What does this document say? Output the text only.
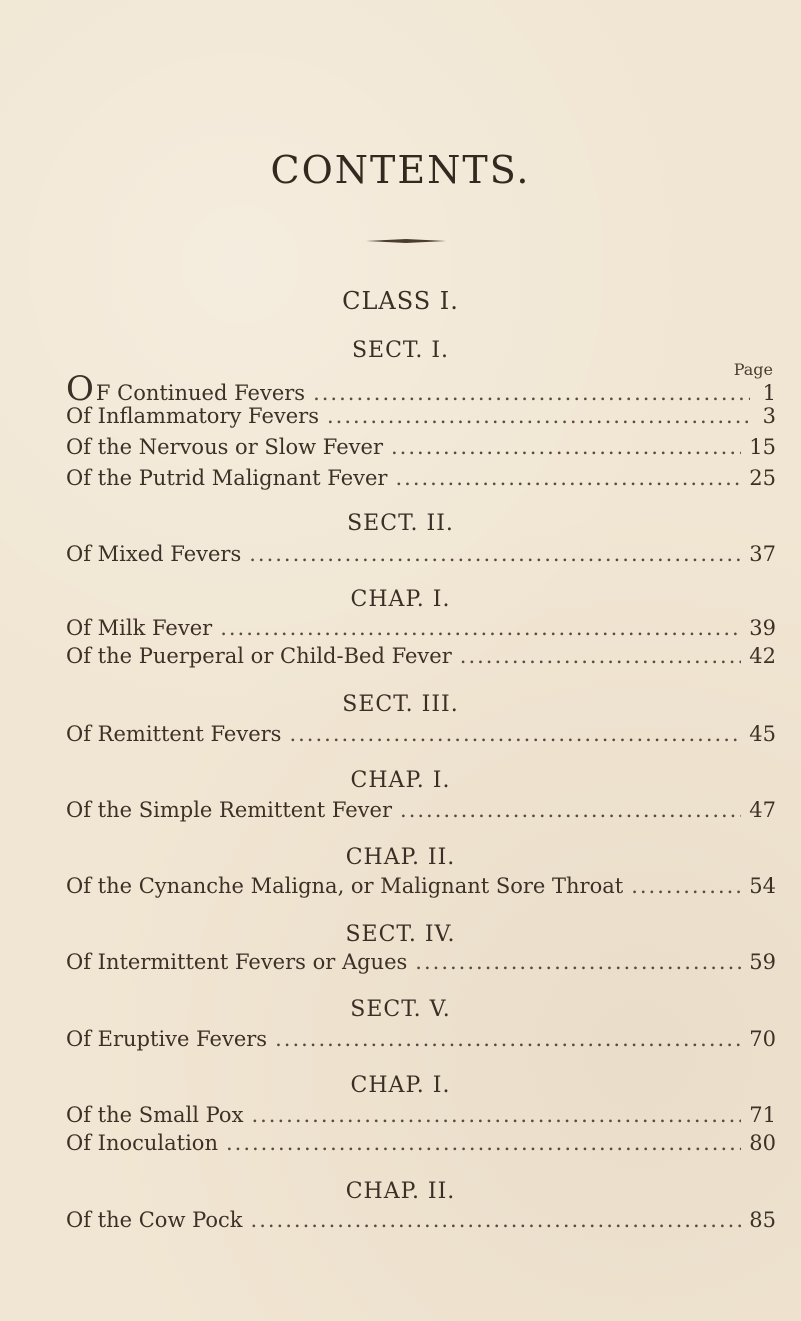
CONTENTS.
CLASS I.
SECT. I.
Page
O F Continued Fevers .....	1
Of Inflammatory Fevers .....	3
Of the Nervous or Slow Fever .....	15
Of the Putrid Malignant Fever .....	25
SECT. II.
Of Mixed Fevers .....	37
CHAP. I.
Of Milk Fever .....	39
Of the Puerperal or Child-Bed Fever .....	42
SECT. III.
Of Remittent Fevers .....	45
CHAP. I.
Of the Simple Remittent Fever .....	47
CHAP. II.
Of the Cynanche Maligna, or Malignant Sore Throat .....	54
SECT. IV.
Of Intermittent Fevers or Agues .....	59
SECT. V.
Of Eruptive Fevers .....	70
CHAP. I.
Of the Small Pox .....	71
Of Inoculation .....	80
CHAP. II.
Of the Cow Pock .....	85
